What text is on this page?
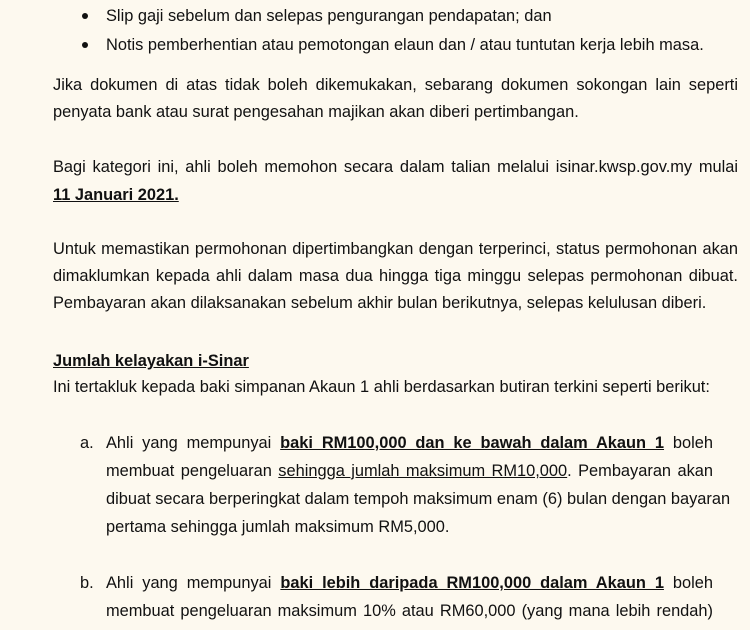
Slip gaji sebelum dan selepas pengurangan pendapatan; dan
Notis pemberhentian atau pemotongan elaun dan / atau tuntutan kerja lebih masa.
Jika dokumen di atas tidak boleh dikemukakan, sebarang dokumen sokongan lain seperti
penyata bank atau surat pengesahan majikan akan diberi pertimbangan.
Bagi kategori ini, ahli boleh memohon secara dalam talian melalui isinar.kwsp.gov.my mulai
11 Januari 2021.
Untuk memastikan permohonan dipertimbangkan dengan terperinci, status permohonan akan
dimaklumkan kepada ahli dalam masa dua hingga tiga minggu selepas permohonan dibuat.
Pembayaran akan dilaksanakan sebelum akhir bulan berikutnya, selepas kelulusan diberi.
Jumlah kelayakan i-Sinar
Ini tertakluk kepada baki simpanan Akaun 1 ahli berdasarkan butiran terkini seperti berikut:
a. Ahli yang mempunyai baki RM100,000 dan ke bawah dalam Akaun 1 boleh
membuat pengeluaran sehingga jumlah maksimum RM10,000. Pembayaran akan
dibuat secara berperingkat dalam tempoh maksimum enam (6) bulan dengan bayaran
pertama sehingga jumlah maksimum RM5,000.
b. Ahli yang mempunyai baki lebih daripada RM100,000 dalam Akaun 1 boleh
membuat pengeluaran maksimum 10% atau RM60,000 (yang mana lebih rendah)
